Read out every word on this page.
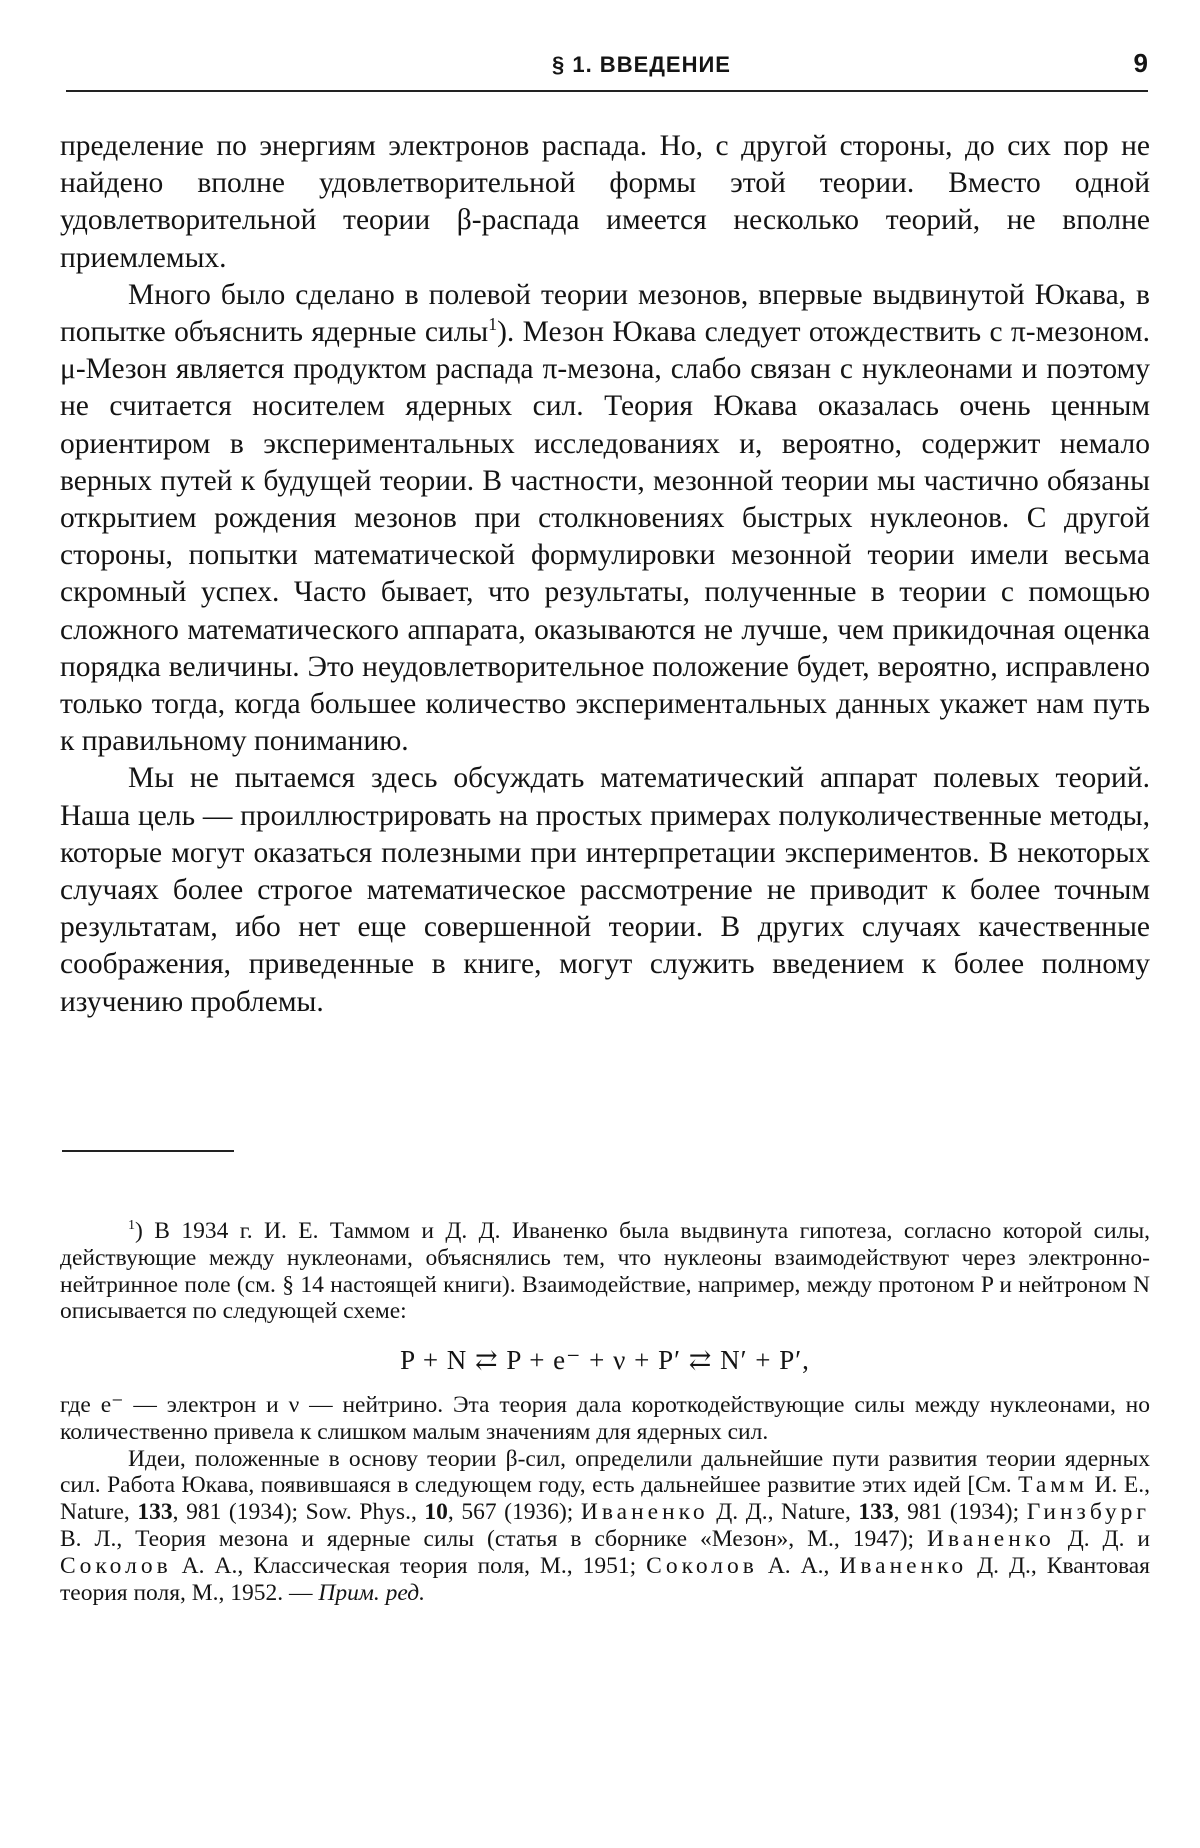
§ 1. ВВЕДЕНИЕ	9

пределение по энергиям электронов распада. Но, с другой стороны, до сих пор не найдено вполне удовлетворительной формы этой теории. Вместо одной удовлетворительной теории β-распада имеется несколько теорий, не вполне приемлемых.

Много было сделано в полевой теории мезонов, впервые выдвинутой Юкава, в попытке объяснить ядерные силы$^1$). Мезон Юкава следует отождествить с π-мезоном. μ-Мезон является продуктом распада π-мезона, слабо связан с нуклеонами и поэтому не считается носителем ядерных сил. Теория Юкава оказалась очень ценным ориентиром в экспериментальных исследованиях и, вероятно, содержит немало верных путей к будущей теории. В частности, мезонной теории мы частично обязаны открытием рождения мезонов при столкновениях быстрых нуклеонов. С другой стороны, попытки математической формулировки мезонной теории имели весьма скромный успех. Часто бывает, что результаты, полученные в теории с помощью сложного математического аппарата, оказываются не лучше, чем прикидочная оценка порядка величины. Это неудовлетворительное положение будет, вероятно, исправлено только тогда, когда большее количество экспериментальных данных укажет нам путь к правильному пониманию.

Мы не пытаемся здесь обсуждать математический аппарат полевых теорий. Наша цель — проиллюстрировать на простых примерах полуколичественные методы, которые могут оказаться полезными при интерпретации экспериментов. В некоторых случаях более строгое математическое рассмотрение не приводит к более точным результатам, ибо нет еще совершенной теории. В других случаях качественные соображения, приведенные в книге, могут служить введением к более полному изучению проблемы.

$^1$) В 1934 г. И. Е. Таммом и Д. Д. Иваненко была выдвинута гипотеза, согласно которой силы, действующие между нуклеонами, объяснялись тем, что нуклеоны взаимодействуют через электронно-нейтринное поле (см. § 14 настоящей книги). Взаимодействие, например, между протоном P и нейтроном N описывается по следующей схеме:

P + N ⇄ P + e⁻ + ν + P′ ⇄ N′ + P′,

где e⁻ — электрон и ν — нейтрино. Эта теория дала короткодействующие силы между нуклеонами, но количественно привела к слишком малым значениям для ядерных сил.

Идеи, положенные в основу теории β-сил, определили дальнейшие пути развития теории ядерных сил. Работа Юкава, появившаяся в следующем году, есть дальнейшее развитие этих идей [См. Тамм И. Е., Nature, 133, 981 (1934); Sow. Phys., 10, 567 (1936); Иваненко Д. Д., Nature, 133, 981 (1934); Гинзбург В. Л., Теория мезона и ядерные силы (статья в сборнике «Мезон», М., 1947); Иваненко Д. Д. и Соколов А. А., Классическая теория поля, М., 1951; Соколов А. А., Иваненко Д. Д., Квантовая теория поля, М., 1952. — Прим. ред.
